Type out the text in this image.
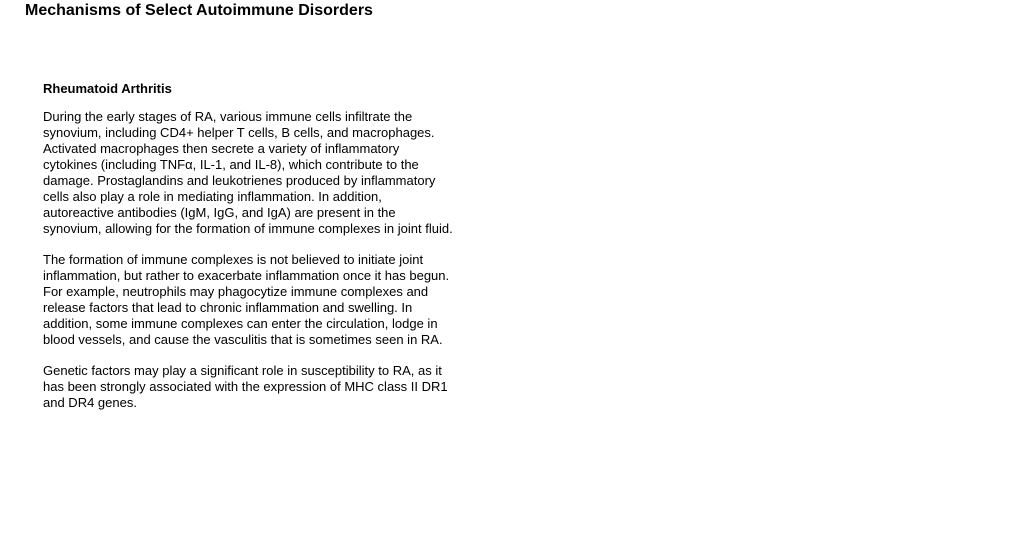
Mechanisms of Select Autoimmune Disorders
Rheumatoid Arthritis

During the early stages of RA, various immune cells infiltrate the
synovium, including CD4+ helper T cells, B cells, and macrophages.
Activated macrophages then secrete a variety of inflammatory
cytokines (including TNFα, IL-1, and IL-8), which contribute to the
damage. Prostaglandins and leukotrienes produced by inflammatory
cells also play a role in mediating inflammation. In addition,
autoreactive antibodies (IgM, IgG, and IgA) are present in the
synovium, allowing for the formation of immune complexes in joint fluid.

The formation of immune complexes is not believed to initiate joint
inflammation, but rather to exacerbate inflammation once it has begun.
For example, neutrophils may phagocytize immune complexes and
release factors that lead to chronic inflammation and swelling. In
addition, some immune complexes can enter the circulation, lodge in
blood vessels, and cause the vasculitis that is sometimes seen in RA.

Genetic factors may play a significant role in susceptibility to RA, as it
has been strongly associated with the expression of MHC class II DR1
and DR4 genes.
